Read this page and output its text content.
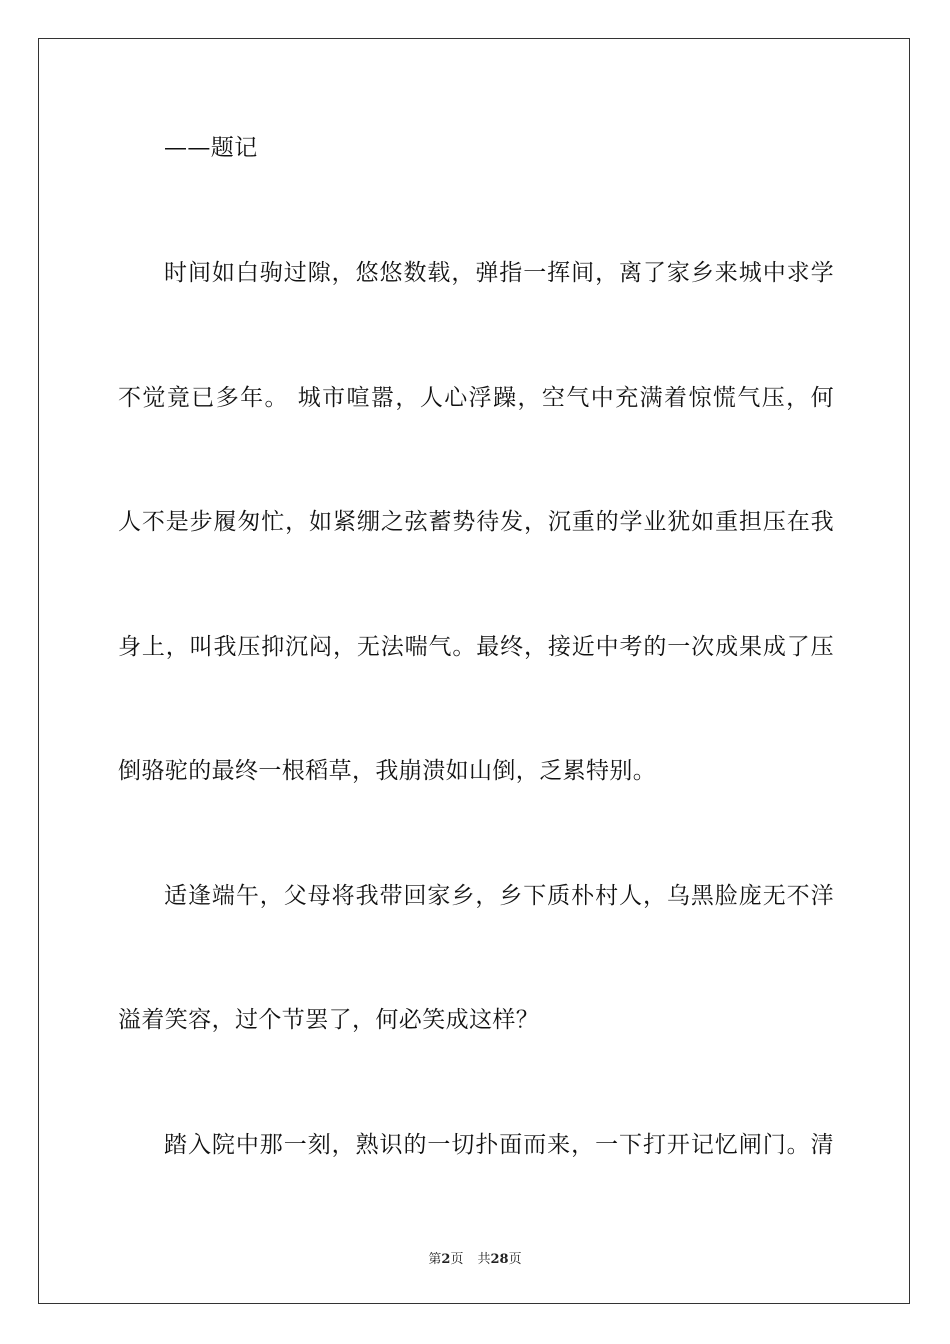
——题记
时间如白驹过隙，悠悠数载，弹指一挥间，离了家乡来城中求学
不觉竟已多年。 城市喧嚣，人心浮躁，空气中充满着惊慌气压，何
人不是步履匆忙，如紧绷之弦蓄势待发，沉重的学业犹如重担压在我
身上，叫我压抑沉闷，无法喘气。最终，接近中考的一次成果成了压
倒骆驼的最终一根稻草，我崩溃如山倒，乏累特别。
适逢端午，父母将我带回家乡，乡下质朴村人，乌黑脸庞无不洋
溢着笑容，过个节罢了，何必笑成这样？
踏入院中那一刻，熟识的一切扑面而来，一下打开记忆闸门。清
第2页 共28页
